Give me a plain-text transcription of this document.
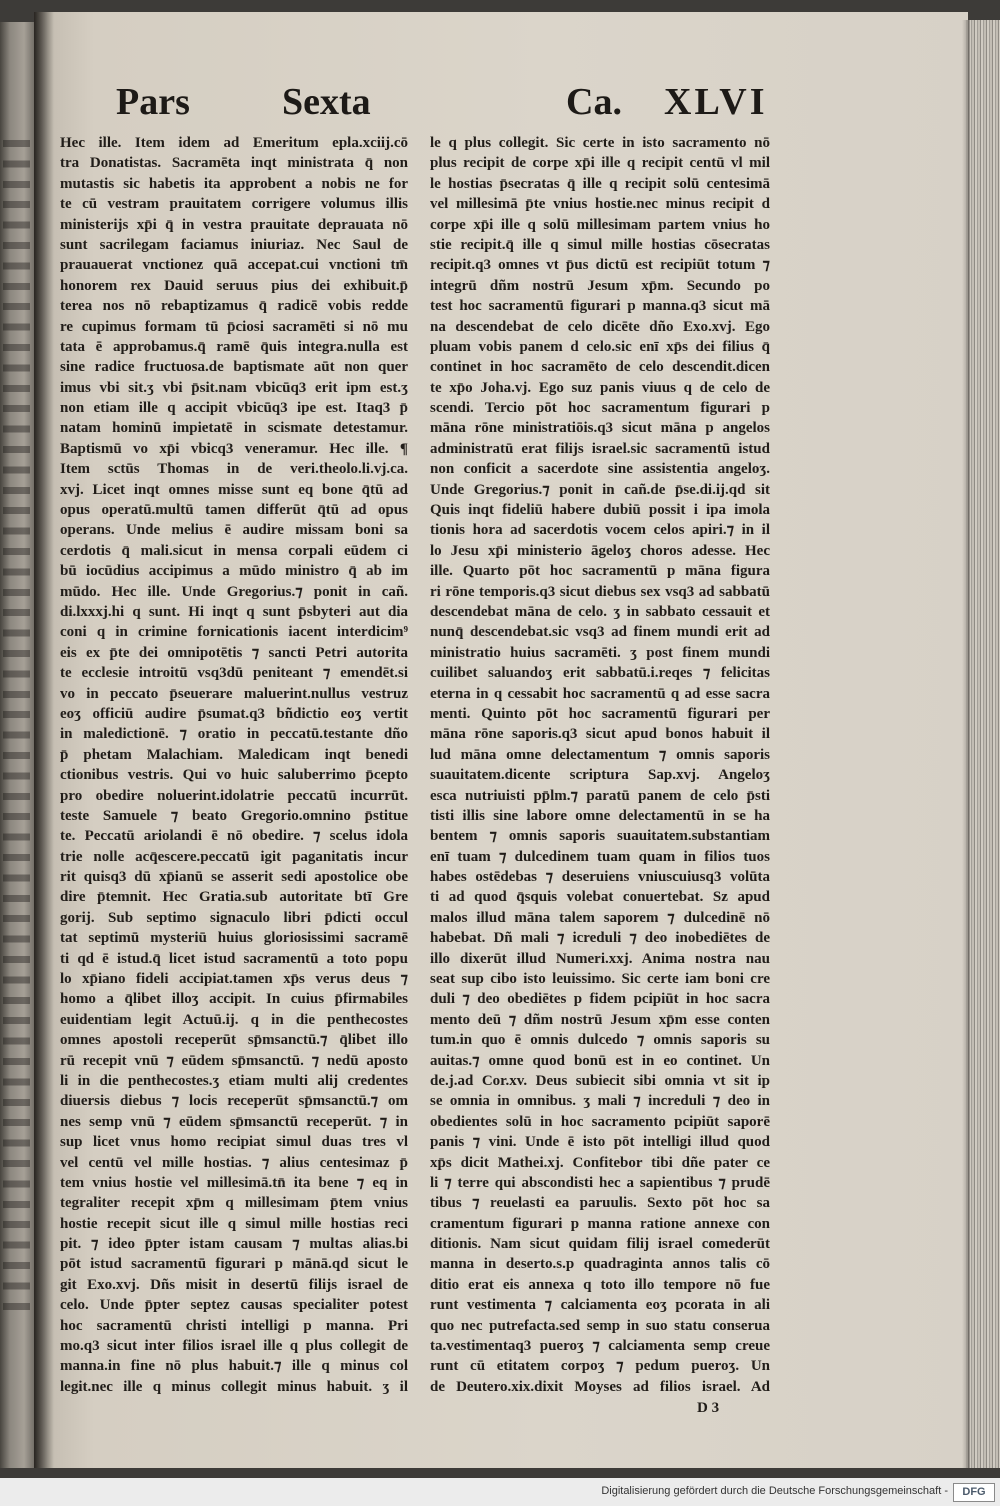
Pars Sexta	Ca. XLVI
Hec ille. Item idem ad Emeritum epla.xciij.cō
tra Donatistas. Sacramēta inqt ministrata q̄ non
mutastis sic habetis ita approbent a nobis ne for
te cū vestram prauitatem corrigere volumus illis
ministerijs xp̄i q̄ in vestra prauitate deprauata nō
sunt sacrilegam faciamus iniuriaz. Nec Saul de
prauauerat vnctionez quā accepat.cui vnctioni tm̄
honorem rex Dauid seruus pius dei exhibuit.p̄
terea nos nō rebaptizamus q̄ radicē vobis redde
re cupimus formam tū p̄ciosi sacramēti si nō mu
tata ē approbamus.q̄ ramē q̄uis integra.nulla est
sine radice fructuosa.de baptismate aūt non quer
imus vbi sit.ʒ vbi p̄sit.nam vbicūq3 erit ipm est.ʒ
non etiam ille q accipit vbicūq3 ipe est. Itaq3 p̄
natam hominū impietatē in scismate detestamur.
Baptismū vo xp̄i vbicq3 veneramur. Hec ille. ¶
Item sctūs Thomas in de veri.theolo.li.vj.ca.
xvj. Licet inqt omnes misse sunt eq bone q̄tū ad
opus operatū.multū tamen differūt q̄tū ad opus
operans. Unde melius ē audire missam boni sa
cerdotis q̄ mali.sicut in mensa corpali eūdem ci
bū iocūdius accipimus a mūdo ministro q̄ ab im
mūdo. Hec ille. Unde Gregorius.⁊ ponit in cañ.
di.lxxxj.hi q sunt. Hi inqt q sunt p̄sbyteri aut dia
coni q in crimine fornicationis iacent interdicim⁹
eis ex p̄te dei omnipotētis ⁊ sancti Petri autorita
te ecclesie introitū vsq3dū peniteant ⁊ emendēt.si
vo in peccato p̄seuerare maluerint.nullus vestruz
eoʒ officiū audire p̄sumat.q3 bñdictio eoʒ vertit
in maledictionē. ⁊ oratio in peccatū.testante dño
p̄ phetam Malachiam. Maledicam inqt benedi
ctionibus vestris. Qui vo huic saluberrimo p̄cepto
pro obedire noluerint.idolatrie peccatū incurrūt.
teste Samuele ⁊ beato Gregorio.omnino p̄stitue
te. Peccatū ariolandi ē nō obedire. ⁊ scelus idola
trie nolle acq̄escere.peccatū igit paganitatis incur
rit quisq3 dū xp̄ianū se asserit sedi apostolice obe
dire p̄temnit. Hec Gratia.sub autoritate btī Gre
gorij. Sub septimo signaculo libri p̄dicti occul
tat septimū mysteriū huius gloriosissimi sacramē
ti qd ē istud.q̄ licet istud sacramentū a toto popu
lo xp̄iano fideli accipiat.tamen xp̄s verus deus ⁊
homo a q̄libet illoʒ accipit. In cuius p̄firmabiles
euidentiam legit Actuū.ij. q in die penthecostes
omnes apostoli receperūt sp̄msanctū.⁊ q̄libet illo
rū recepit vnū ⁊ eūdem sp̄msanctū. ⁊ nedū aposto
li in die penthecostes.ʒ etiam multi alij credentes
diuersis diebus ⁊ locis receperūt sp̄msanctū.⁊ om
nes semp vnū ⁊ eūdem sp̄msanctū receperūt. ⁊ in
sup licet vnus homo recipiat simul duas tres vl
vel centū vel mille hostias. ⁊ alius centesimaz p̄
tem vnius hostie vel millesimā.tn̄ ita bene ⁊ eq in
tegraliter recepit xp̄m q millesimam p̄tem vnius
hostie recepit sicut ille q simul mille hostias reci
pit. ⁊ ideo p̄pter istam causam ⁊ multas alias.bi
pōt istud sacramentū figurari p mānā.qd sicut le
git Exo.xvj. Dñs misit in desertū filijs israel de
celo. Unde p̄pter septez causas specialiter potest
hoc sacramentū christi intelligi p manna. Pri
mo.q3 sicut inter filios israel ille q plus collegit de
manna.in fine nō plus habuit.⁊ ille q minus col
legit.nec ille q minus collegit minus habuit. ʒ il
le q plus collegit. Sic certe in isto sacramento nō
plus recipit de corpe xp̄i ille q recipit centū vl mil
le hostias p̄secratas q̄ ille q recipit solū centesimā
vel millesimā p̄te vnius hostie.nec minus recipit d
corpe xp̄i ille q solū millesimam partem vnius ho
stie recipit.q̄ ille q simul mille hostias cōsecratas
recipit.q3 omnes vt p̄us dictū est recipiūt totum ⁊
integrū dñm nostrū Jesum xp̄m. Secundo po
test hoc sacramentū figurari p manna.q3 sicut mā
na descendebat de celo dicēte dño Exo.xvj. Ego
pluam vobis panem d celo.sic enī xp̄s dei filius q̄
continet in hoc sacramēto de celo descendit.dicen
te xp̄o Joha.vj. Ego suz panis viuus q de celo de
scendi. Tercio pōt hoc sacramentum figurari p
māna rōne ministratiōis.q3 sicut māna p angelos
administratū erat filijs israel.sic sacramentū istud
non conficit a sacerdote sine assistentia angeloʒ.
Unde Gregorius.⁊ ponit in cañ.de p̄se.di.ij.qd sit
Quis inqt fideliū habere dubiū possit i ipa imola
tionis hora ad sacerdotis vocem celos apiri.⁊ in il
lo Jesu xp̄i ministerio āgeloʒ choros adesse. Hec
ille. Quarto pōt hoc sacramentū p māna figura
ri rōne temporis.q3 sicut diebus sex vsq3 ad sabbatū
descendebat māna de celo. ʒ in sabbato cessauit et
nunq̄ descendebat.sic vsq3 ad finem mundi erit ad
ministratio huius sacramēti. ʒ post finem mundi
cuilibet saluandoʒ erit sabbatū.i.reqes ⁊ felicitas
eterna in q cessabit hoc sacramentū q ad esse sacra
menti. Quinto pōt hoc sacramentū figurari per
māna rōne saporis.q3 sicut apud bonos habuit il
lud māna omne delectamentum ⁊ omnis saporis
suauitatem.dicente scriptura Sap.xvj. Angeloʒ
esca nutriuisti pp̄lm.⁊ paratū panem de celo p̄sti
tisti illis sine labore omne delectamentū in se ha
bentem ⁊ omnis saporis suauitatem.substantiam
enī tuam ⁊ dulcedinem tuam quam in filios tuos
habes ostēdebas ⁊ deseruiens vniuscuiusq3 volūta
ti ad quod q̄squis volebat conuertebat. Sz apud
malos illud māna talem saporem ⁊ dulcedinē nō
habebat. Dñ mali ⁊ icreduli ⁊ deo inobediētes de
illo dixerūt illud Numeri.xxj. Anima nostra nau
seat sup cibo isto leuissimo. Sic certe iam boni cre
duli ⁊ deo obediētes p fidem pcipiūt in hoc sacra
mento deū ⁊ dñm nostrū Jesum xp̄m esse conten
tum.in quo ē omnis dulcedo ⁊ omnis saporis su
auitas.⁊ omne quod bonū est in eo continet. Un
de.j.ad Cor.xv. Deus subiecit sibi omnia vt sit ip
se omnia in omnibus. ʒ mali ⁊ increduli ⁊ deo in
obedientes solū in hoc sacramento pcipiūt saporē
panis ⁊ vini. Unde ē isto pōt intelligi illud quod
xp̄s dicit Mathei.xj. Confitebor tibi dñe pater ce
li ⁊ terre qui abscondisti hec a sapientibus ⁊ prudē
tibus ⁊ reuelasti ea paruulis. Sexto pōt hoc sa
cramentum figurari p manna ratione annexe con
ditionis. Nam sicut quidam filij israel comederūt
manna in deserto.s.p quadraginta annos talis cō
ditio erat eis annexa q toto illo tempore nō fue
runt vestimenta ⁊ calciamenta eoʒ pcorata in ali
quo nec putrefacta.sed semp in suo statu conserua
ta.vestimentaq3 pueroʒ ⁊ calciamenta semp creue
runt cū etitatem corpoʒ ⁊ pedum pueroʒ. Un
de Deutero.xix.dixit Moyses ad filios israel. Ad
D 3
Digitalisierung gefördert durch die Deutsche Forschungsgemeinschaft -	DFG
